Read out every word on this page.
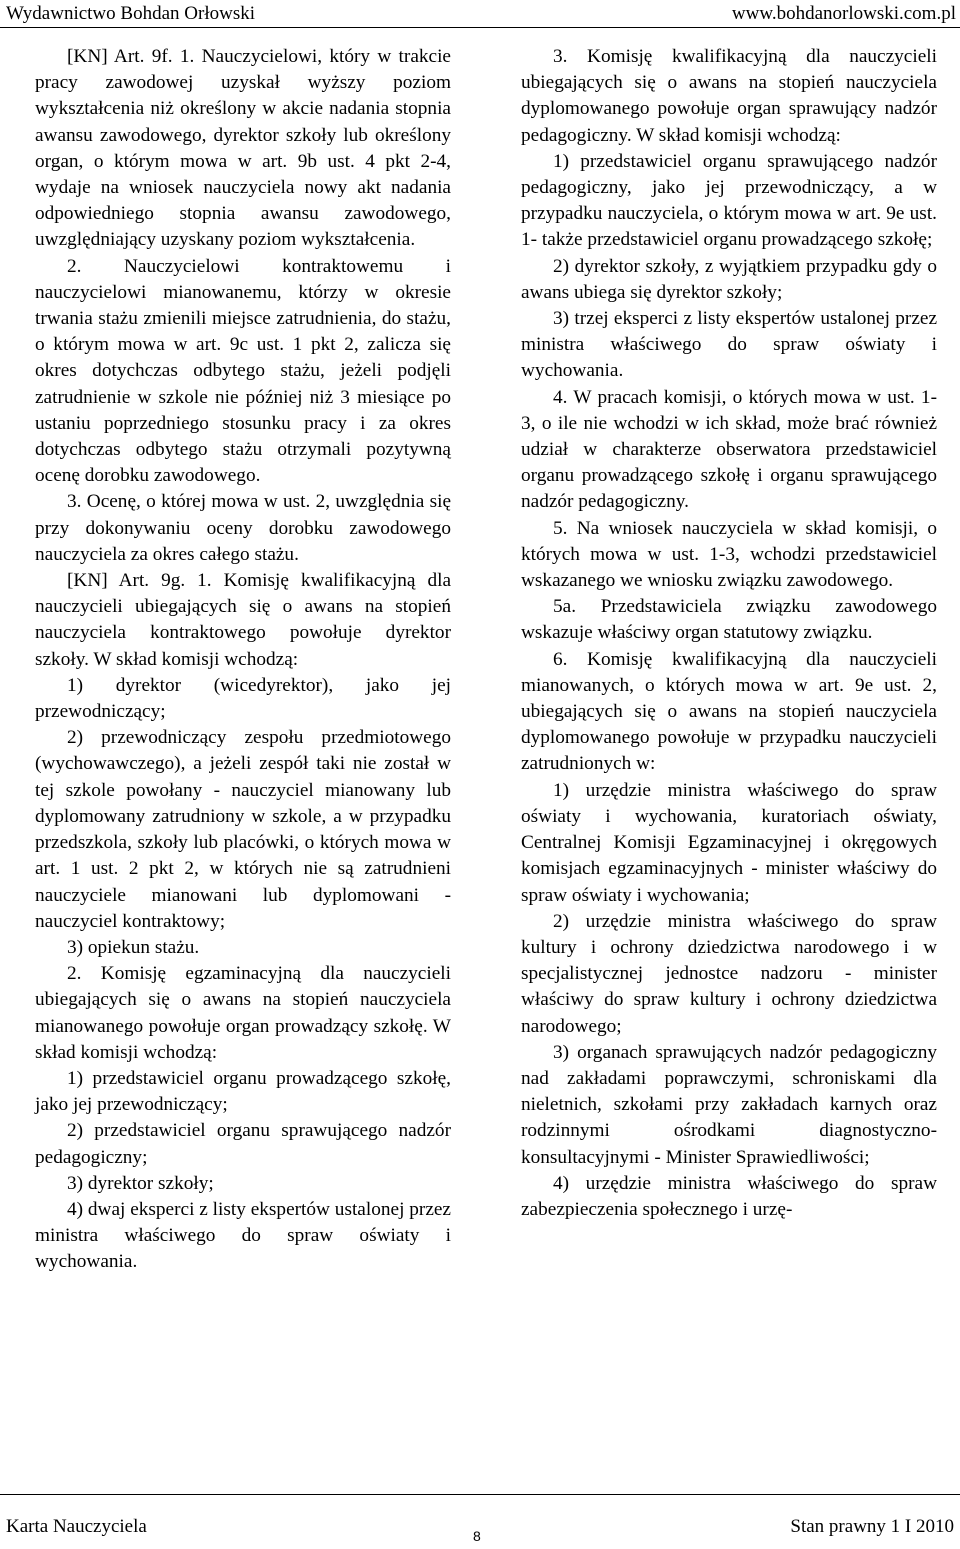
Wydawnictwo Bohdan Orłowski	www.bohdanorlowski.com.pl

[KN] Art. 9f. 1. Nauczycielowi, który w trakcie pracy zawodowej uzyskał wyższy poziom wykształcenia niż określony w akcie nadania stopnia awansu zawodowego, dyrektor szkoły lub określony organ, o którym mowa w art. 9b ust. 4 pkt 2-4, wydaje na wniosek nauczyciela nowy akt nadania odpowiedniego stopnia awansu zawodowego, uwzględniający uzyskany poziom wykształcenia.

2. Nauczycielowi kontraktowemu i nauczycielowi mianowanemu, którzy w okresie trwania stażu zmienili miejsce zatrudnienia, do stażu, o którym mowa w art. 9c ust. 1 pkt 2, zalicza się okres dotychczas odbytego stażu, jeżeli podjęli zatrudnienie w szkole nie później niż 3 miesiące po ustaniu poprzedniego stosunku pracy i za okres dotychczas odbytego stażu otrzymali pozytywną ocenę dorobku zawodowego.

3. Ocenę, o której mowa w ust. 2, uwzględnia się przy dokonywaniu oceny dorobku zawodowego nauczyciela za okres całego stażu.

[KN] Art. 9g. 1. Komisję kwalifikacyjną dla nauczycieli ubiegających się o awans na stopień nauczyciela kontraktowego powołuje dyrektor szkoły. W skład komisji wchodzą:

1) dyrektor (wicedyrektor), jako jej przewodniczący;

2) przewodniczący zespołu przedmiotowego (wychowawczego), a jeżeli zespół taki nie został w tej szkole powołany - nauczyciel mianowany lub dyplomowany zatrudniony w szkole, a w przypadku przedszkola, szkoły lub placówki, o których mowa w art. 1 ust. 2 pkt 2, w których nie są zatrudnieni nauczyciele mianowani lub dyplomowani - nauczyciel kontraktowy;

3) opiekun stażu.

2. Komisję egzaminacyjną dla nauczycieli ubiegających się o awans na stopień nauczyciela mianowanego powołuje organ prowadzący szkołę. W skład komisji wchodzą:

1) przedstawiciel organu prowadzącego szkołę, jako jej przewodniczący;

2) przedstawiciel organu sprawującego nadzór pedagogiczny;

3) dyrektor szkoły;

4) dwaj eksperci z listy ekspertów ustalonej przez ministra właściwego do spraw oświaty i wychowania.

3. Komisję kwalifikacyjną dla nauczycieli ubiegających się o awans na stopień nauczyciela dyplomowanego powołuje organ sprawujący nadzór pedagogiczny. W skład komisji wchodzą:

1) przedstawiciel organu sprawującego nadzór pedagogiczny, jako jej przewodniczący, a w przypadku nauczyciela, o którym mowa w art. 9e ust. 1- także przedstawiciel organu prowadzącego szkołę;

2) dyrektor szkoły, z wyjątkiem przypadku gdy o awans ubiega się dyrektor szkoły;

3) trzej eksperci z listy ekspertów ustalonej przez ministra właściwego do spraw oświaty i wychowania.

4. W pracach komisji, o których mowa w ust. 1-3, o ile nie wchodzi w ich skład, może brać również udział w charakterze obserwatora przedstawiciel organu prowadzącego szkołę i organu sprawującego nadzór pedagogiczny.

5. Na wniosek nauczyciela w skład komisji, o których mowa w ust. 1-3, wchodzi przedstawiciel wskazanego we wniosku związku zawodowego.

5a. Przedstawiciela związku zawodowego wskazuje właściwy organ statutowy związku.

6. Komisję kwalifikacyjną dla nauczycieli mianowanych, o których mowa w art. 9e ust. 2, ubiegających się o awans na stopień nauczyciela dyplomowanego powołuje w przypadku nauczycieli zatrudnionych w:

1) urzędzie ministra właściwego do spraw oświaty i wychowania, kuratoriach oświaty, Centralnej Komisji Egzaminacyjnej i okręgowych komisjach egzaminacyjnych - minister właściwy do spraw oświaty i wychowania;

2) urzędzie ministra właściwego do spraw kultury i ochrony dziedzictwa narodowego i w specjalistycznej jednostce nadzoru - minister właściwy do spraw kultury i ochrony dziedzictwa narodowego;

3) organach sprawujących nadzór pedagogiczny nad zakładami poprawczymi, schroniskami dla nieletnich, szkołami przy zakładach karnych oraz rodzinnymi ośrodkami diagnostyczno-konsultacyjnymi - Minister Sprawiedliwości;

4) urzędzie ministra właściwego do spraw zabezpieczenia społecznego i urzę-

Karta Nauczyciela	8	Stan prawny 1 I 2010
